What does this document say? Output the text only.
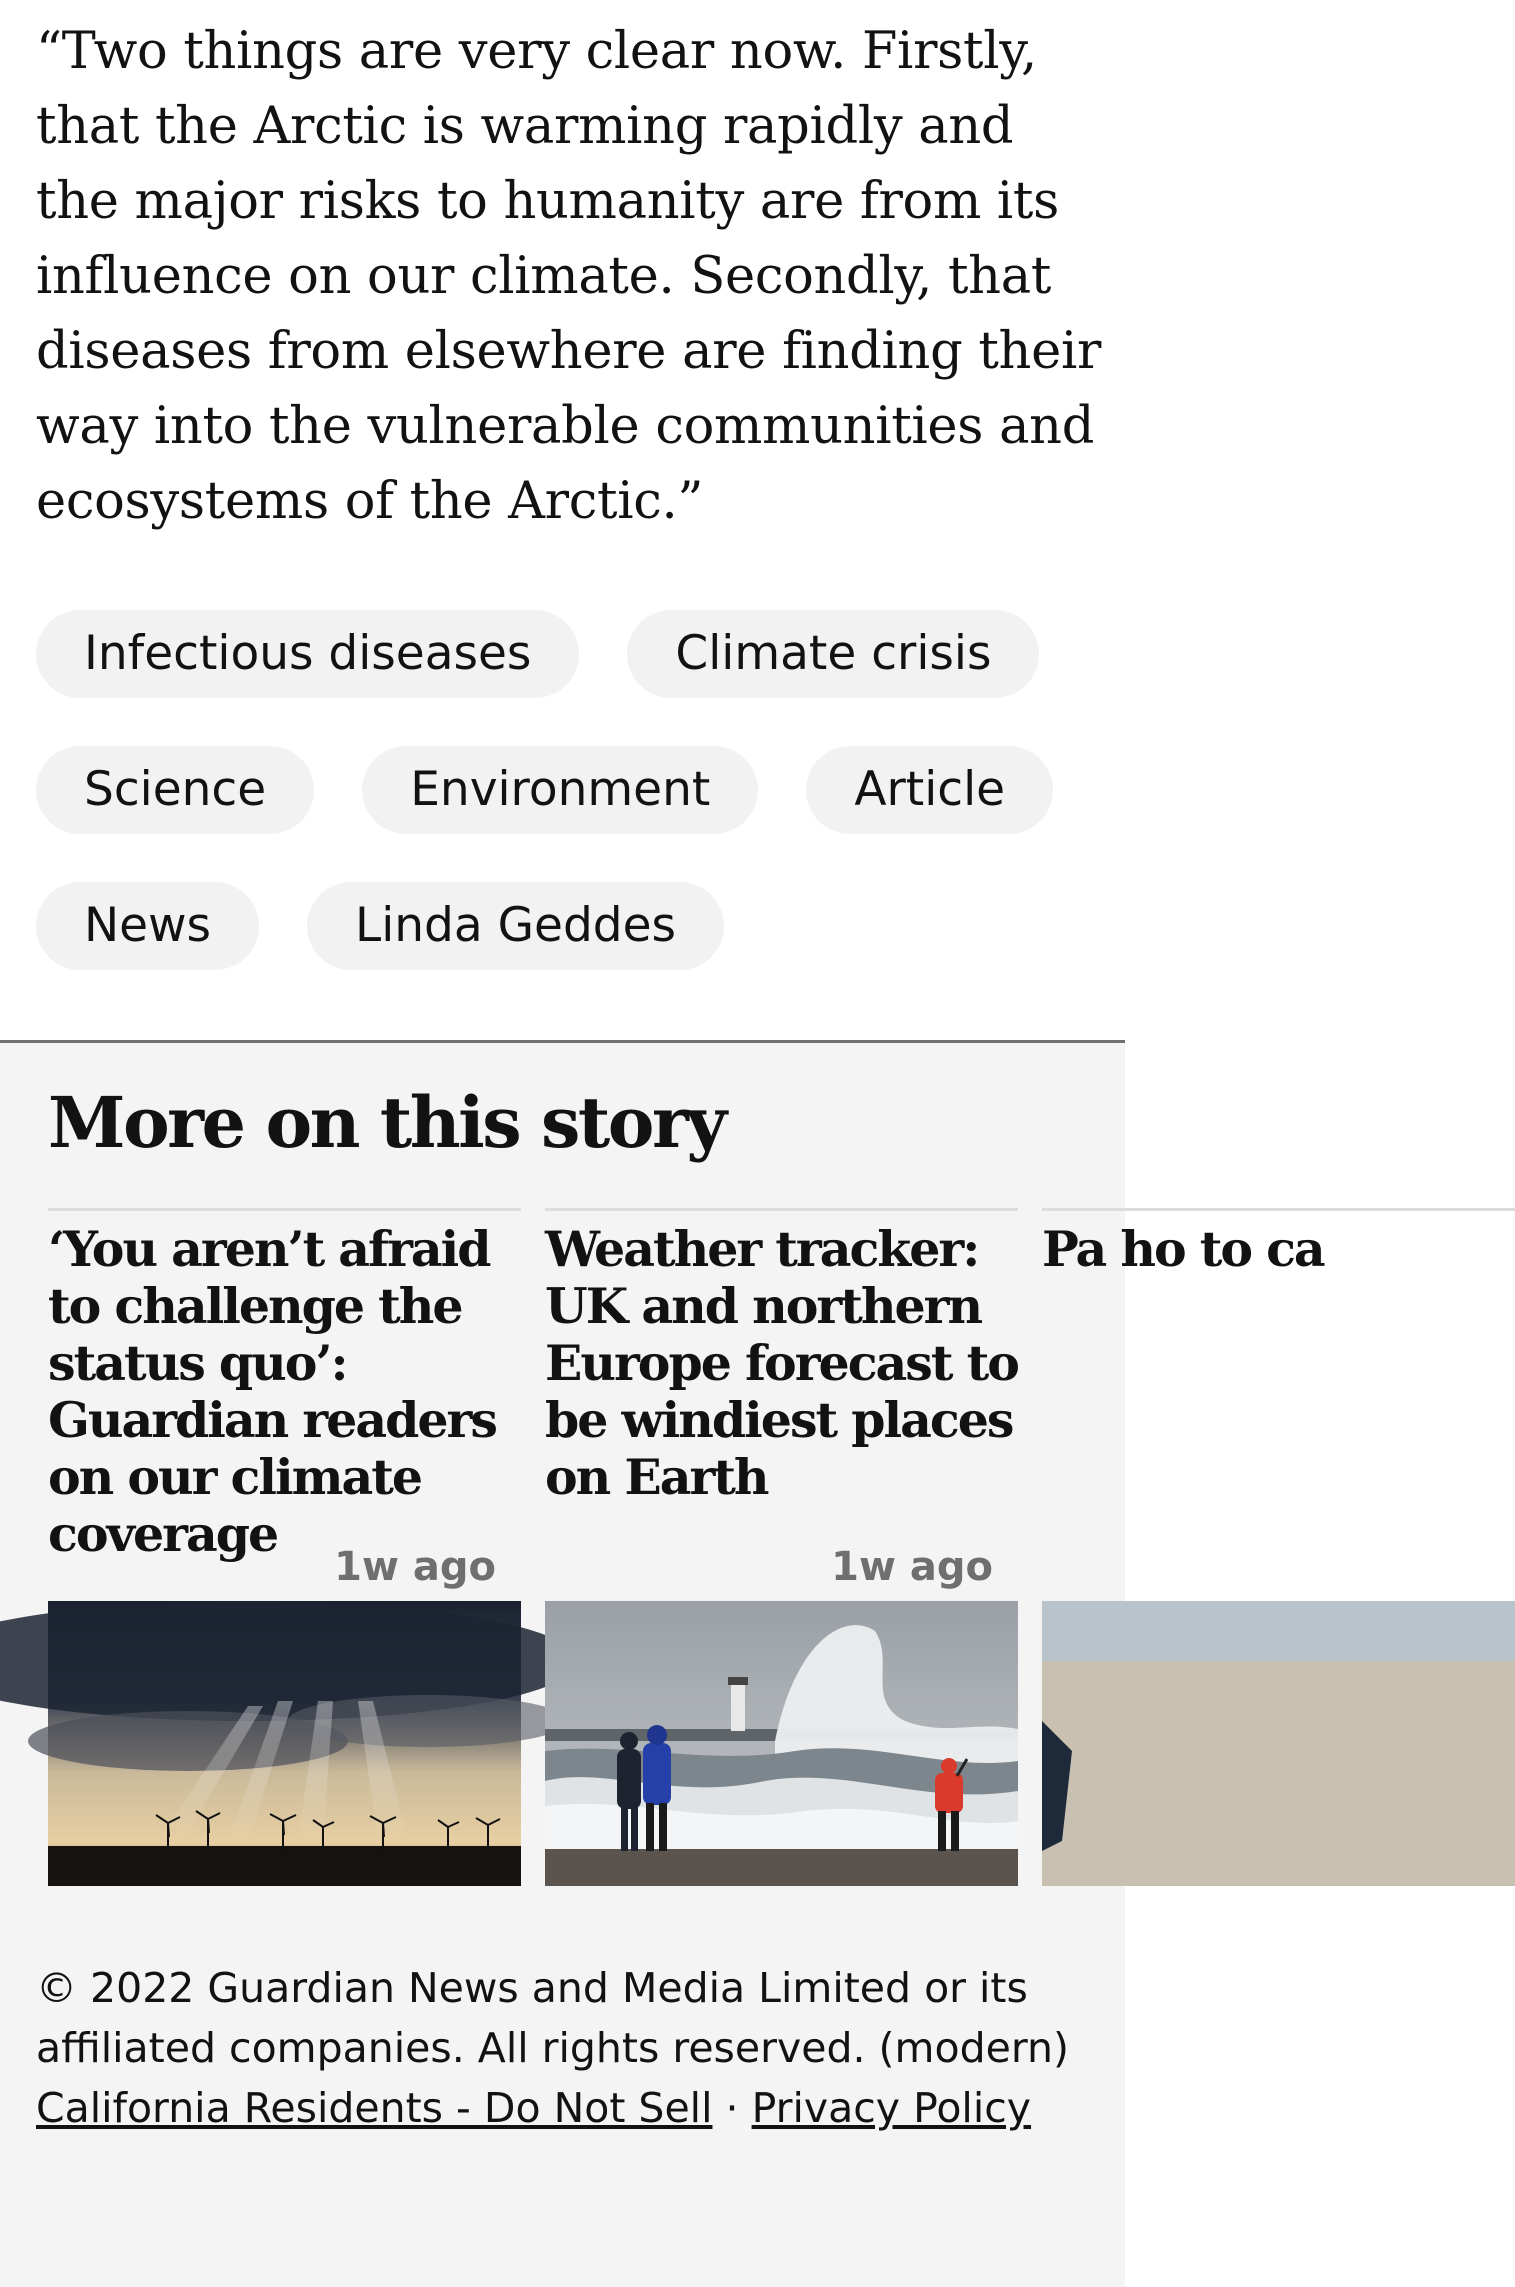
“Two things are very clear now. Firstly, that the Arctic is warming rapidly and the major risks to humanity are from its influence on our climate. Secondly, that diseases from elsewhere are finding their way into the vulnerable communities and ecosystems of the Arctic.”

Infectious diseases	Climate crisis
Science	Environment	Article
News	Linda Geddes
More on this story
‘You aren’t afraid to challenge the status quo’: Guardian readers on our climate coverage
1w ago
Weather tracker: UK and northern Europe forecast to be windiest places on Earth
1w ago
Pa ho to ca
© 2022 Guardian News and Media Limited or its affiliated companies. All rights reserved. (modern)
California Residents - Do Not Sell · Privacy Policy
